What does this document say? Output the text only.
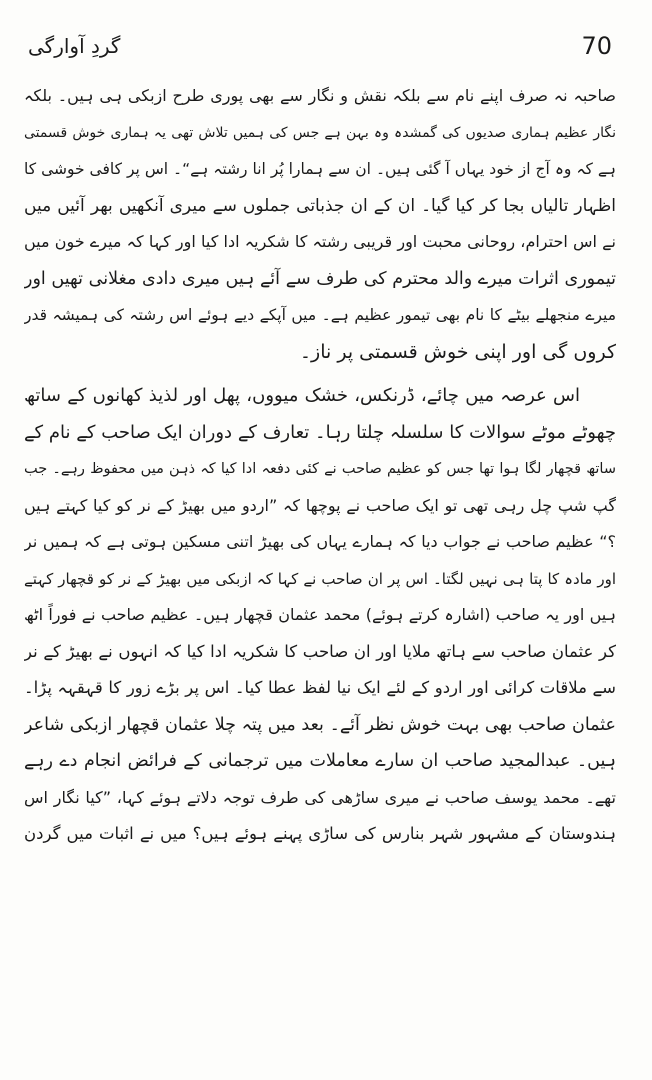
70
گردِ آوارگی
صاحبہ نہ صرف اپنے نام سے بلکہ نقش و نگار سے بھی پوری طرح ازبکی ہی ہیں۔ بلکہ
نگار عظیم ہماری صدیوں کی گمشدہ وہ بہن ہے جس کی ہمیں تلاش تھی یہ ہماری خوش قسمتی
ہے کہ وہ آج از خود یہاں آ گئی ہیں۔ ان سے ہمارا پُر انا رشتہ ہے“۔ اس پر کافی خوشی کا
اظہار تالیاں بجا کر کیا گیا۔ ان کے ان جذباتی جملوں سے میری آنکھیں بھر آئیں میں
نے اس احترام، روحانی محبت اور قریبی رشتہ کا شکریہ ادا کیا اور کہا کہ میرے خون میں
تیموری اثرات میرے والد محترم کی طرف سے آئے ہیں میری دادی مغلانی تھیں اور
میرے منجھلے بیٹے کا نام بھی تیمور عظیم ہے۔ میں آپکے دیے ہوئے اس رشتہ کی ہمیشہ قدر
کروں گی اور اپنی خوش قسمتی پر ناز۔
اس عرصہ میں چائے، ڈرنکس، خشک میووں، پھل اور لذیذ کھانوں کے ساتھ
چھوٹے موٹے سوالات کا سلسلہ چلتا رہا۔ تعارف کے دوران ایک صاحب کے نام کے
ساتھ قچھار لگا ہوا تھا جس کو عظیم صاحب نے کئی دفعہ ادا کیا کہ ذہن میں محفوظ رہے۔ جب
گپ شپ چل رہی تھی تو ایک صاحب نے پوچھا کہ ”اردو میں بھیڑ کے نر کو کیا کہتے ہیں
؟“ عظیم صاحب نے جواب دیا کہ ہمارے یہاں کی بھیڑ اتنی مسکین ہوتی ہے کہ ہمیں نر
اور مادہ کا پتا ہی نہیں لگتا۔ اس پر ان صاحب نے کہا کہ ازبکی میں بھیڑ کے نر کو قچھار کہتے
ہیں اور یہ صاحب (اشارہ کرتے ہوئے) محمد عثمان قچھار ہیں۔ عظیم صاحب نے فوراً اٹھ
کر عثمان صاحب سے ہاتھ ملایا اور ان صاحب کا شکریہ ادا کیا کہ انہوں نے بھیڑ کے نر
سے ملاقات کرائی اور اردو کے لئے ایک نیا لفظ عطا کیا۔ اس پر بڑے زور کا قہقہہ پڑا۔
عثمان صاحب بھی بہت خوش نظر آئے۔ بعد میں پتہ چلا عثمان قچھار ازبکی شاعر
ہیں۔ عبدالمجید صاحب ان سارے معاملات میں ترجمانی کے فرائض انجام دے رہے
تھے۔ محمد یوسف صاحب نے میری ساڑھی کی طرف توجہ دلاتے ہوئے کہا، ”کیا نگار اس
ہندوستان کے مشہور شہر بنارس کی ساڑی پہنے ہوئے ہیں؟ میں نے اثبات میں گردن
